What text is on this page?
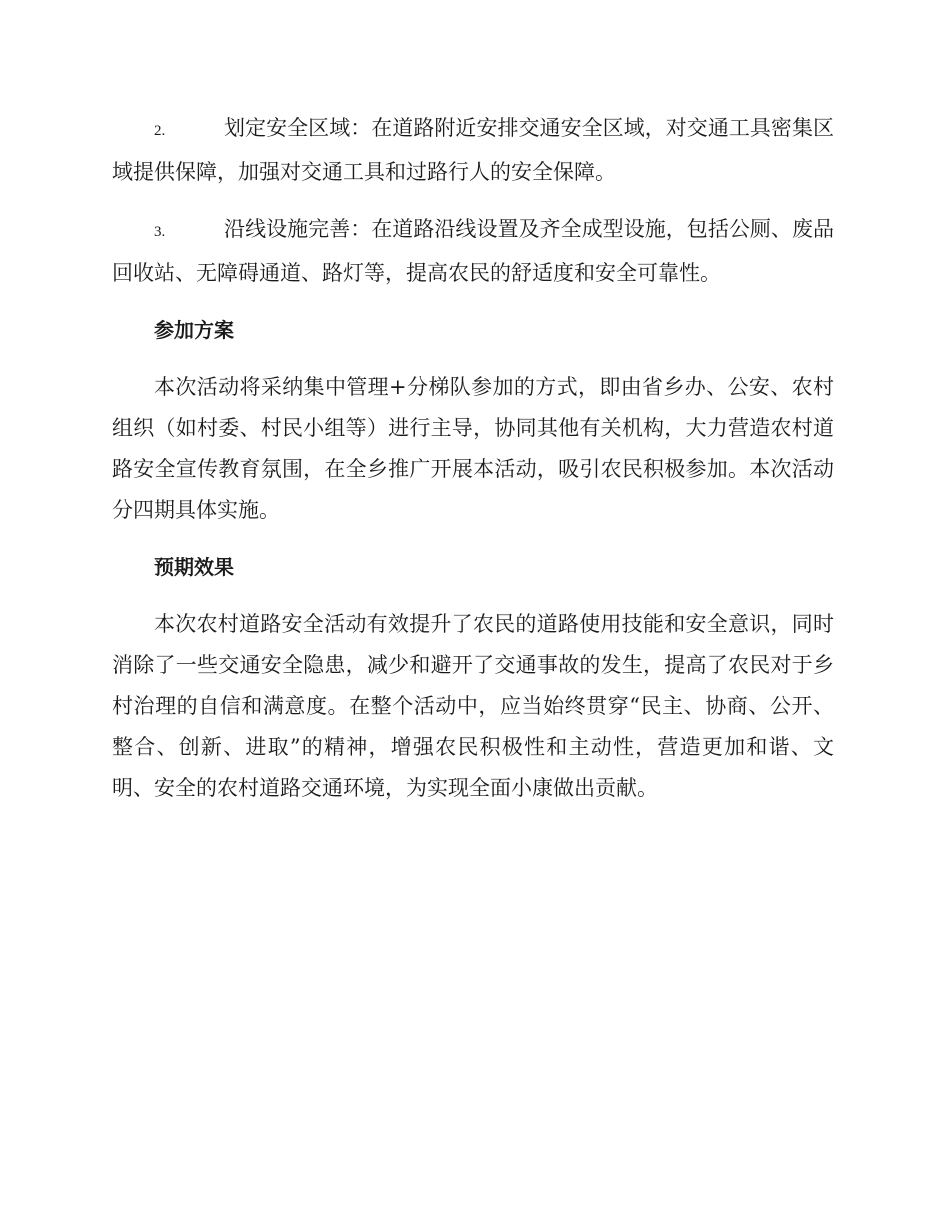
2.	划定安全区域：在道路附近安排交通安全区域，对交通工具密集区域提供保障，加强对交通工具和过路行人的安全保障。

3.	沿线设施完善：在道路沿线设置及齐全成型设施，包括公厕、废品回收站、无障碍通道、路灯等，提高农民的舒适度和安全可靠性。

参加方案

本次活动将采纳集中管理+分梯队参加的方式，即由省乡办、公安、农村组织（如村委、村民小组等）进行主导，协同其他有关机构，大力营造农村道路安全宣传教育氛围，在全乡推广开展本活动，吸引农民积极参加。本次活动分四期具体实施。

预期效果

本次农村道路安全活动有效提升了农民的道路使用技能和安全意识，同时消除了一些交通安全隐患，减少和避开了交通事故的发生，提高了农民对于乡村治理的自信和满意度。在整个活动中，应当始终贯穿“民主、协商、公开、整合、创新、进取”的精神，增强农民积极性和主动性，营造更加和谐、文明、安全的农村道路交通环境，为实现全面小康做出贡献。
